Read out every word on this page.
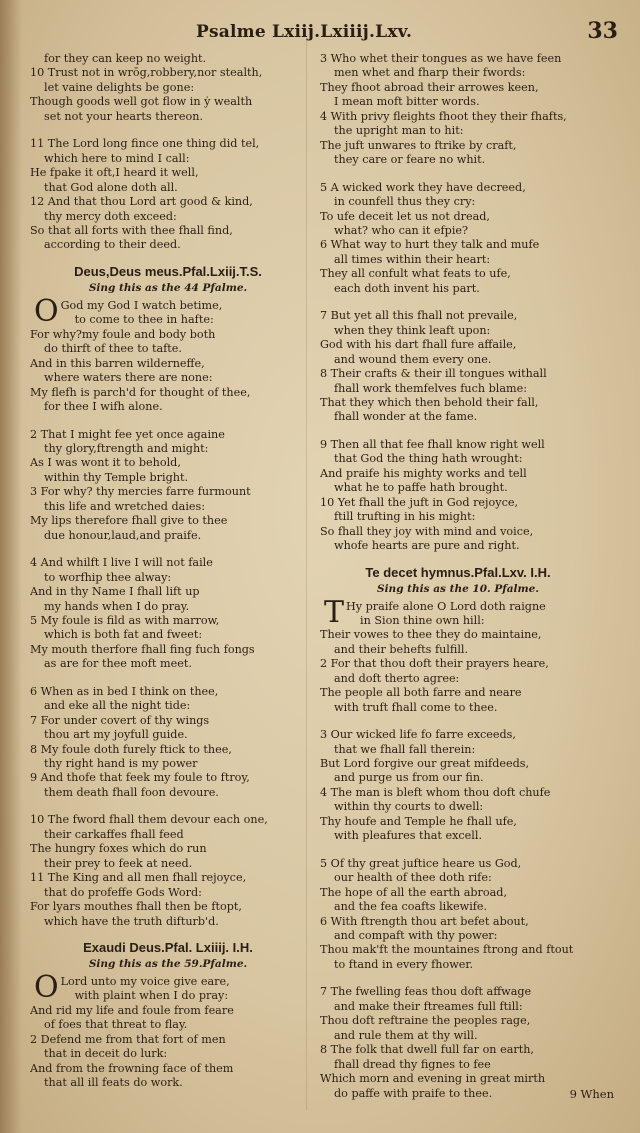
Psalme Lxiij.Lxiiij.Lxv.	33
for they can keep no weight.
10 Trust not in wrōg,robbery,nor stealth,
let vaine delights be gone:
Though goods well got flow in ẏ wealth
set not your hearts thereon.
11 The Lord long fince one thing did tel,
which here to mind I call:
He fpake it oft,I heard it well,
that God alone doth all.
12 And that thou Lord art good & kind,
thy mercy doth exceed:
So that all forts with thee fhall find,
according to their deed.
Deus,Deus meus.Pfal.Lxiij.T.S.
Sing this as the 44 Pfalme.
O God my God I watch betime,
to come to thee in hafte:
For why?my foule and body both
do thirft of thee to tafte.
And in this barren wilderneffe,
where waters there are none:
My flefh is parch'd for thought of thee,
for thee I wifh alone.
2 That I might fee yet once againe
thy glory,ftrength and might:
As I was wont it to behold,
within thy Temple bright.
3 For why? thy mercies farre furmount
this life and wretched daies:
My lips therefore fhall give to thee
due honour,laud,and praife.
4 And whilft I live I will not faile
to worfhip thee alway:
And in thy Name I fhall lift up
my hands when I do pray.
5 My foule is fild as with marrow,
which is both fat and fweet:
My mouth therfore fhall fing fuch fongs
as are for thee moft meet.
6 When as in bed I think on thee,
and eke all the night tide:
7 For under covert of thy wings
thou art my joyfull guide.
8 My foule doth furely ftick to thee,
thy right hand is my power
9 And thofe that feek my foule to ftroy,
them death fhall foon devoure.
10 The fword fhall them devour each one,
their carkaffes fhall feed
The hungry foxes which do run
their prey to feek at need.
11 The King and all men fhall rejoyce,
that do profeffe Gods Word:
For lyars mouthes fhall then be ftopt,
which have the truth difturb'd.
Exaudi Deus.Pfal. Lxiiij. I.H.
Sing this as the 59.Pfalme.
O Lord unto my voice give eare,
with plaint when I do pray:
And rid my life and foule from feare
of foes that threat to flay.
2 Defend me from that fort of men
that in deceit do lurk:
And from the frowning face of them
that all ill feats do work.
3 Who whet their tongues as we have feen
men whet and fharp their fwords:
They fhoot abroad their arrowes keen,
I mean moft bitter words.
4 With privy fleights fhoot they their fhafts,
the upright man to hit:
The juft unwares to ftrike by craft,
they care or feare no whit.
5 A wicked work they have decreed,
in counfell thus they cry:
To ufe deceit let us not dread,
what? who can it efpie?
6 What way to hurt they talk and mufe
all times within their heart:
They all confult what feats to ufe,
each doth invent his part.
7 But yet all this fhall not prevaile,
when they think leaft upon:
God with his dart fhall fure affaile,
and wound them every one.
8 Their crafts & their ill tongues withall
fhall work themfelves fuch blame:
That they which then behold their fall,
fhall wonder at the fame.
9 Then all that fee fhall know right well
that God the thing hath wrought:
And praife his mighty works and tell
what he to paffe hath brought.
10 Yet fhall the juft in God rejoyce,
ftill trufting in his might:
So fhall they joy with mind and voice,
whofe hearts are pure and right.
Te decet hymnus.Pfal.Lxv. I.H.
Sing this as the 10. Pfalme.
T Hy praife alone O Lord doth raigne
in Sion thine own hill:
Their vowes to thee they do maintaine,
and their behefts fulfill.
2 For that thou doft their prayers heare,
and doft therto agree:
The people all both farre and neare
with truft fhall come to thee.
3 Our wicked life fo farre exceeds,
that we fhall fall therein:
But Lord forgive our great mifdeeds,
and purge us from our fin.
4 The man is bleft whom thou doft chufe
within thy courts to dwell:
Thy houfe and Temple he fhall ufe,
with pleafures that excell.
5 Of thy great juftice heare us God,
our health of thee doth rife:
The hope of all the earth abroad,
and the fea coafts likewife.
6 With ftrength thou art befet about,
and compaft with thy power:
Thou mak'ft the mountaines ftrong and ftout
to ftand in every fhower.
7 The fwelling feas thou doft affwage
and make their ftreames full ftill:
Thou doft reftraine the peoples rage,
and rule them at thy will.
8 The folk that dwell full far on earth,
fhall dread thy fignes to fee
Which morn and evening in great mirth
do paffe with praife to thee.	9 When
